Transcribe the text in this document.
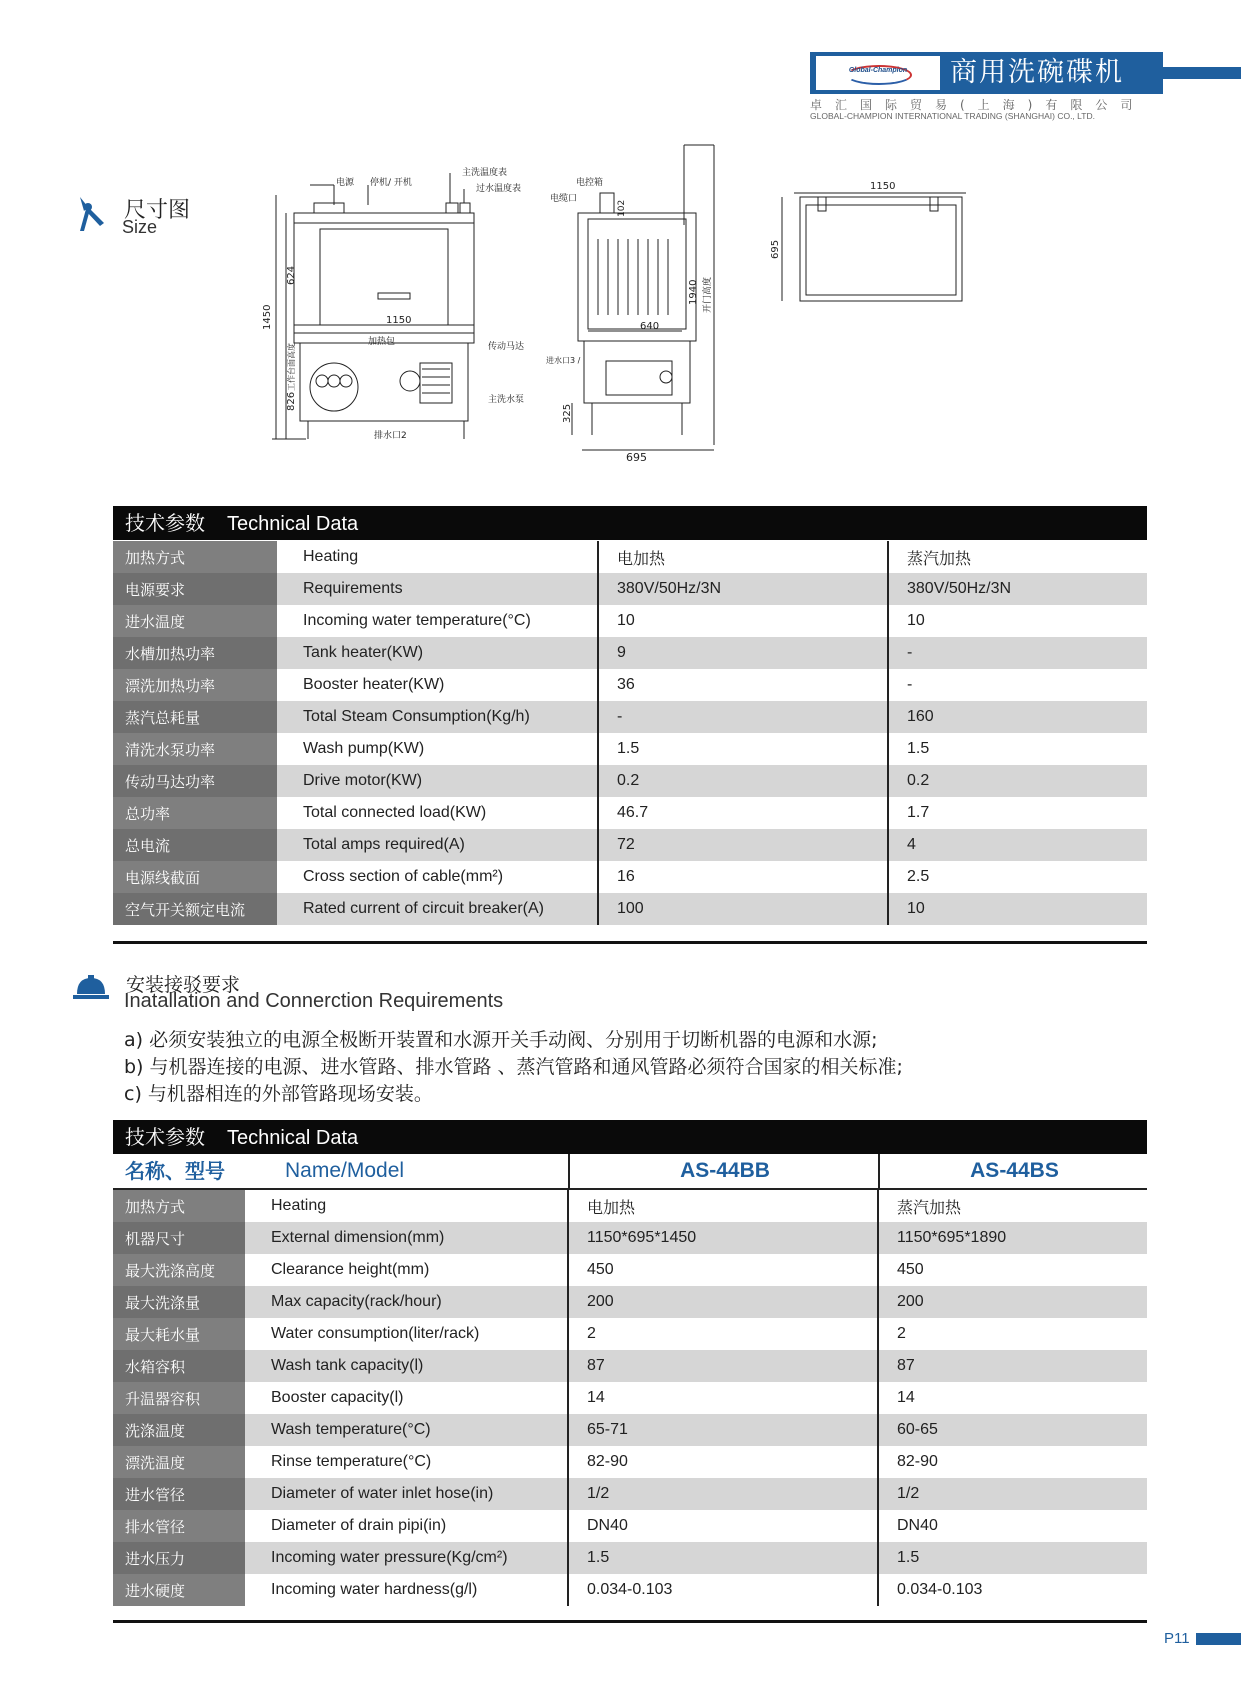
Global-Champion	商用洗碗碟机
卓汇国际贸易(上海)有限公司
GLOBAL-CHAMPION INTERNATIONAL TRADING (SHANGHAI) CO., LTD.
尺寸图
Size
电源 停机/ 开机
主洗温度表
过水温度表
加热包	传动马达
主洗水泵
排水口2
1150
1450
624
826
工作台面高度
电控箱
电缆口
进水口3 /
102
1940 开门高度
640
325
695
1150
695
技术参数 Technical Data
加热方式	Heating	电加热	蒸汽加热
电源要求	Requirements	380V/50Hz/3N	380V/50Hz/3N
进水温度	Incoming water temperature(°C)	10	10
水槽加热功率	Tank heater(KW)	9	-
漂洗加热功率	Booster heater(KW)	36	-
蒸汽总耗量	Total Steam Consumption(Kg/h)	-	160
清洗水泵功率	Wash pump(KW)	1.5	1.5
传动马达功率	Drive motor(KW)	0.2	0.2
总功率	Total connected load(KW)	46.7	1.7
总电流	Total amps required(A)	72	4
电源线截面	Cross section of cable(mm²)	16	2.5
空气开关额定电流	Rated current of circuit breaker(A)	100	10
安装接驳要求
Inatallation and Connerction Requirements
a) 必须安装独立的电源全极断开装置和水源开关手动阀、分别用于切断机器的电源和水源;
b) 与机器连接的电源、进水管路、排水管路 、蒸汽管路和通风管路必须符合国家的相关标准;
c) 与机器相连的外部管路现场安装。
技术参数 Technical Data
名称、型号	Name/Model	AS-44BB	AS-44BS
加热方式	Heating	电加热	蒸汽加热
机器尺寸	External dimension(mm)	1150*695*1450	1150*695*1890
最大洗涤高度	Clearance height(mm)	450	450
最大洗涤量	Max capacity(rack/hour)	200	200
最大耗水量	Water consumption(liter/rack)	2	2
水箱容积	Wash tank capacity(l)	87	87
升温器容积	Booster capacity(l)	14	14
洗涤温度	Wash temperature(°C)	65-71	60-65
漂洗温度	Rinse temperature(°C)	82-90	82-90
进水管径	Diameter of water inlet hose(in)	1/2	1/2
排水管径	Diameter of drain pipi(in)	DN40	DN40
进水压力	Incoming water pressure(Kg/cm²)	1.5	1.5
进水硬度	Incoming water hardness(g/l)	0.034-0.103	0.034-0.103
P11
